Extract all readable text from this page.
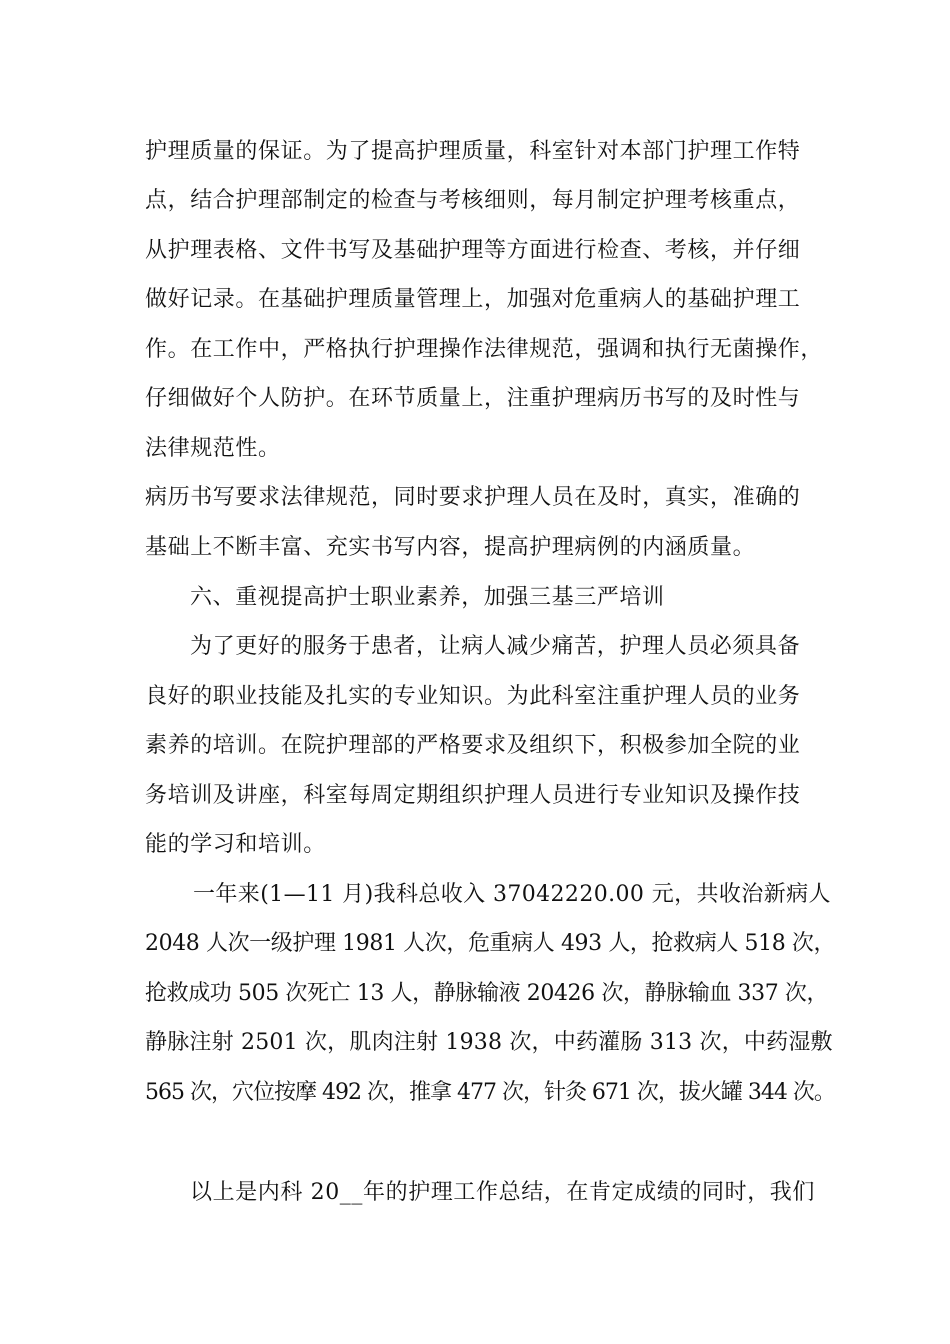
护理质量的保证。为了提高护理质量，科室针对本部门护理工作特
点，结合护理部制定的检查与考核细则，每月制定护理考核重点，
从护理表格、文件书写及基础护理等方面进行检查、考核，并仔细
做好记录。在基础护理质量管理上，加强对危重病人的基础护理工
作。在工作中，严格执行护理操作法律规范，强调和执行无菌操作，
仔细做好个人防护。在环节质量上，注重护理病历书写的及时性与
法律规范性。
病历书写要求法律规范，同时要求护理人员在及时，真实，准确的
基础上不断丰富、充实书写内容，提高护理病例的内涵质量。
六、重视提高护士职业素养，加强三基三严培训
为了更好的服务于患者，让病人减少痛苦，护理人员必须具备
良好的职业技能及扎实的专业知识。为此科室注重护理人员的业务
素养的培训。在院护理部的严格要求及组织下，积极参加全院的业
务培训及讲座，科室每周定期组织护理人员进行专业知识及操作技
能的学习和培训。
一年来(1—11 月)我科总收入 37042220.00 元，共收治新病人
2048 人次一级护理 1981 人次，危重病人 493 人，抢救病人 518 次，
抢救成功 505 次死亡 13 人，静脉输液 20426 次，静脉输血 337 次，
静脉注射 2501 次，肌肉注射 1938 次，中药灌肠 313 次，中药湿敷
565 次，穴位按摩 492 次，推拿 477 次，针灸 671 次，拔火罐 344 次。
以上是内科 20__年的护理工作总结，在肯定成绩的同时，我们
